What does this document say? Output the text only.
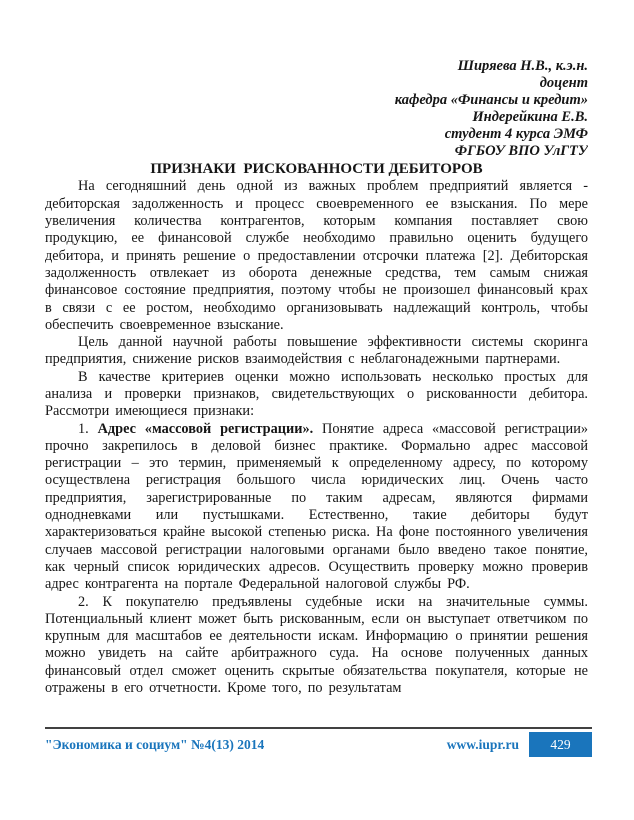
Ширяева Н.В., к.э.н.
доцент
кафедра «Финансы и кредит»
Индерейкина Е.В.
студент 4 курса ЭМФ
ФГБОУ ВПО УлГТУ
ПРИЗНАКИ  РИСКОВАННОСТИ ДЕБИТОРОВ

На сегодняшний день одной из важных проблем предприятий является - дебиторская задолженность и процесс своевременного ее взыскания. По мере увеличения количества контрагентов, которым компания поставляет свою продукцию, ее финансовой службе необходимо правильно оценить будущего дебитора, и принять решение о предоставлении отсрочки платежа [2]. Дебиторская задолженность отвлекает из оборота денежные средства, тем самым снижая финансовое состояние предприятия, поэтому чтобы не произошел финансовый крах в связи с ее ростом, необходимо организовывать надлежащий контроль, чтобы обеспечить своевременное взыскание.

Цель данной научной работы повышение эффективности системы скоринга предприятия, снижение рисков взаимодействия с неблагонадежными партнерами.

В качестве критериев оценки можно использовать несколько простых для анализа и проверки признаков, свидетельствующих о рискованности дебитора. Рассмотри имеющиеся признаки:

1. Адрес «массовой регистрации». Понятие адреса «массовой регистрации» прочно закрепилось в деловой бизнес практике. Формально адрес массовой регистрации – это термин, применяемый к определенному адресу, по которому осуществлена регистрация большого числа юридических лиц. Очень часто предприятия, зарегистрированные по таким адресам, являются фирмами однодневками или пустышками. Естественно, такие дебиторы будут характеризоваться крайне высокой степенью риска. На фоне постоянного увеличения случаев массовой регистрации налоговыми органами было введено такое понятие, как черный список юридических адресов. Осуществить проверку можно проверив адрес контрагента на портале Федеральной налоговой службы РФ.

2. К покупателю предъявлены судебные иски на значительные суммы. Потенциальный клиент может быть рискованным, если он выступает ответчиком по крупным для масштабов ее деятельности искам. Информацию о принятии решения можно увидеть на сайте арбитражного суда. На основе полученных данных финансовый отдел сможет оценить скрытые обязательства покупателя, которые не отражены в его отчетности. Кроме того, по результатам

"Экономика и социум" №4(13) 2014	www.iupr.ru	429
